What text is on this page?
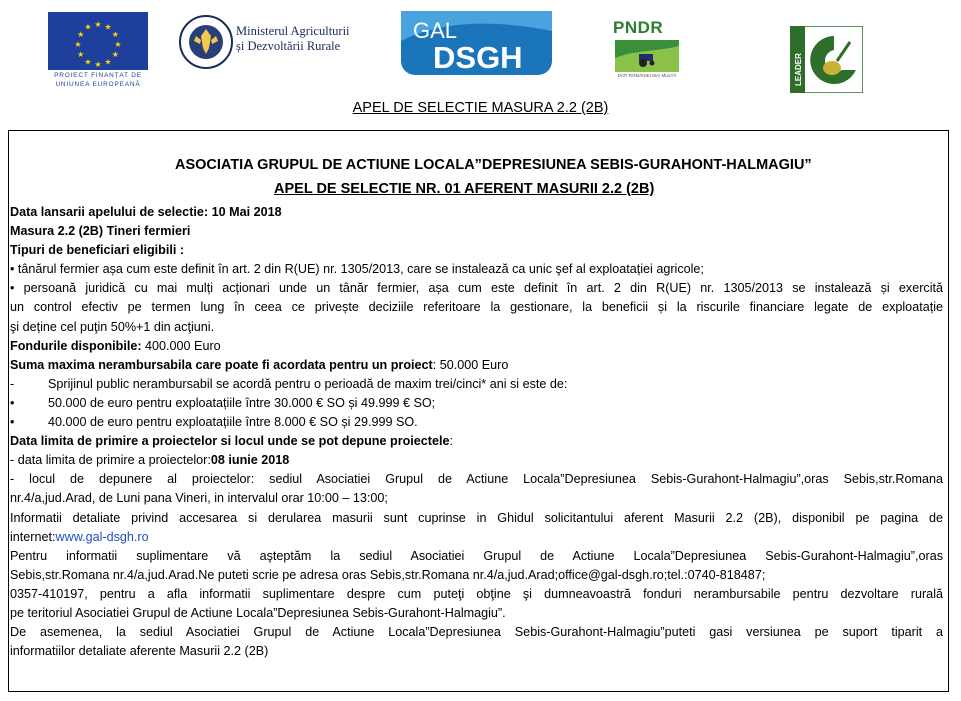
★ ★
★
★
★
★
★
★
★
★
★
★
PROIECT FINANȚAT DE
UNIUNEA EUROPEANĂ
Ministerul Agriculturii
și Dezvoltării Rurale
GAL
DSGH
PNDR
DATI ROMÂNIEI MAI MULTĂ	LEADER
APEL DE SELECTIE MASURA 2.2 (2B)
ASOCIATIA GRUPUL DE ACTIUNE LOCALA”DEPRESIUNEA SEBIS-GURAHONT-HALMAGIU”
APEL DE SELECTIE NR. 01 AFERENT MASURII 2.2 (2B)
Data lansarii apelului de selectie: 10 Mai 2018
Masura 2.2 (2B) Tineri fermieri
Tipuri de beneficiari eligibili :
• tânărul fermier așa cum este definit în art. 2 din R(UE) nr. 1305/2013, care se instalează ca unic şef al exploatației agricole;
• persoană juridică cu mai mulți acționari unde un tânăr fermier, așa cum este definit în art. 2 din R(UE) nr. 1305/2013 se instalează și exercită
un control efectiv pe termen lung în ceea ce privește deciziile referitoare la gestionare, la beneficii și la riscurile financiare legate de exploatație
şi deține cel puţin 50%+1 din acţiuni.
Fondurile disponibile: 400.000 Euro
Suma maxima nerambursabila care poate fi acordata pentru un proiect: 50.000 Euro
-	Sprijinul public nerambursabil se acordă pentru o perioadă de maxim trei/cinci* ani si este de:
•	50.000 de euro pentru exploatațiile între 30.000 € SO și 49.999 € SO;
•	40.000 de euro pentru exploatațiile între 8.000 € SO și 29.999 SO.
Data limita de primire a proiectelor si locul unde se pot depune proiectele:
- data limita de primire a proiectelor:08 iunie 2018
- locul de depunere al proiectelor: sediul Asociatiei Grupul de Actiune Locala”Depresiunea Sebis-Gurahont-Halmagiu”,oras Sebis,str.Romana
nr.4/a,jud.Arad, de Luni pana Vineri, in intervalul orar 10:00 – 13:00;
Informatii detaliate privind accesarea si derularea masurii sunt cuprinse in Ghidul solicitantului aferent Masurii 2.2 (2B), disponibil pe pagina de
internet:www.gal-dsgh.ro
Pentru informatii suplimentare vă aşteptăm la sediul Asociatiei Grupul de Actiune Locala”Depresiunea Sebis-Gurahont-Halmagiu”,oras
Sebis,str.Romana nr.4/a,jud.Arad.Ne puteti scrie pe adresa oras Sebis,str.Romana nr.4/a,jud.Arad;office@gal-dsgh.ro;tel.:0740-818487;
0357-410197, pentru a afla informatii suplimentare despre cum puteţi obţine şi dumneavoastră fonduri nerambursabile pentru dezvoltare rurală
pe teritoriul Asociatiei Grupul de Actiune Locala”Depresiunea Sebis-Gurahont-Halmagiu”.
De asemenea, la sediul Asociatiei Grupul de Actiune Locala”Depresiunea Sebis-Gurahont-Halmagiu”puteti gasi versiunea pe suport tiparit a
informatiilor detaliate aferente Masurii 2.2 (2B)
